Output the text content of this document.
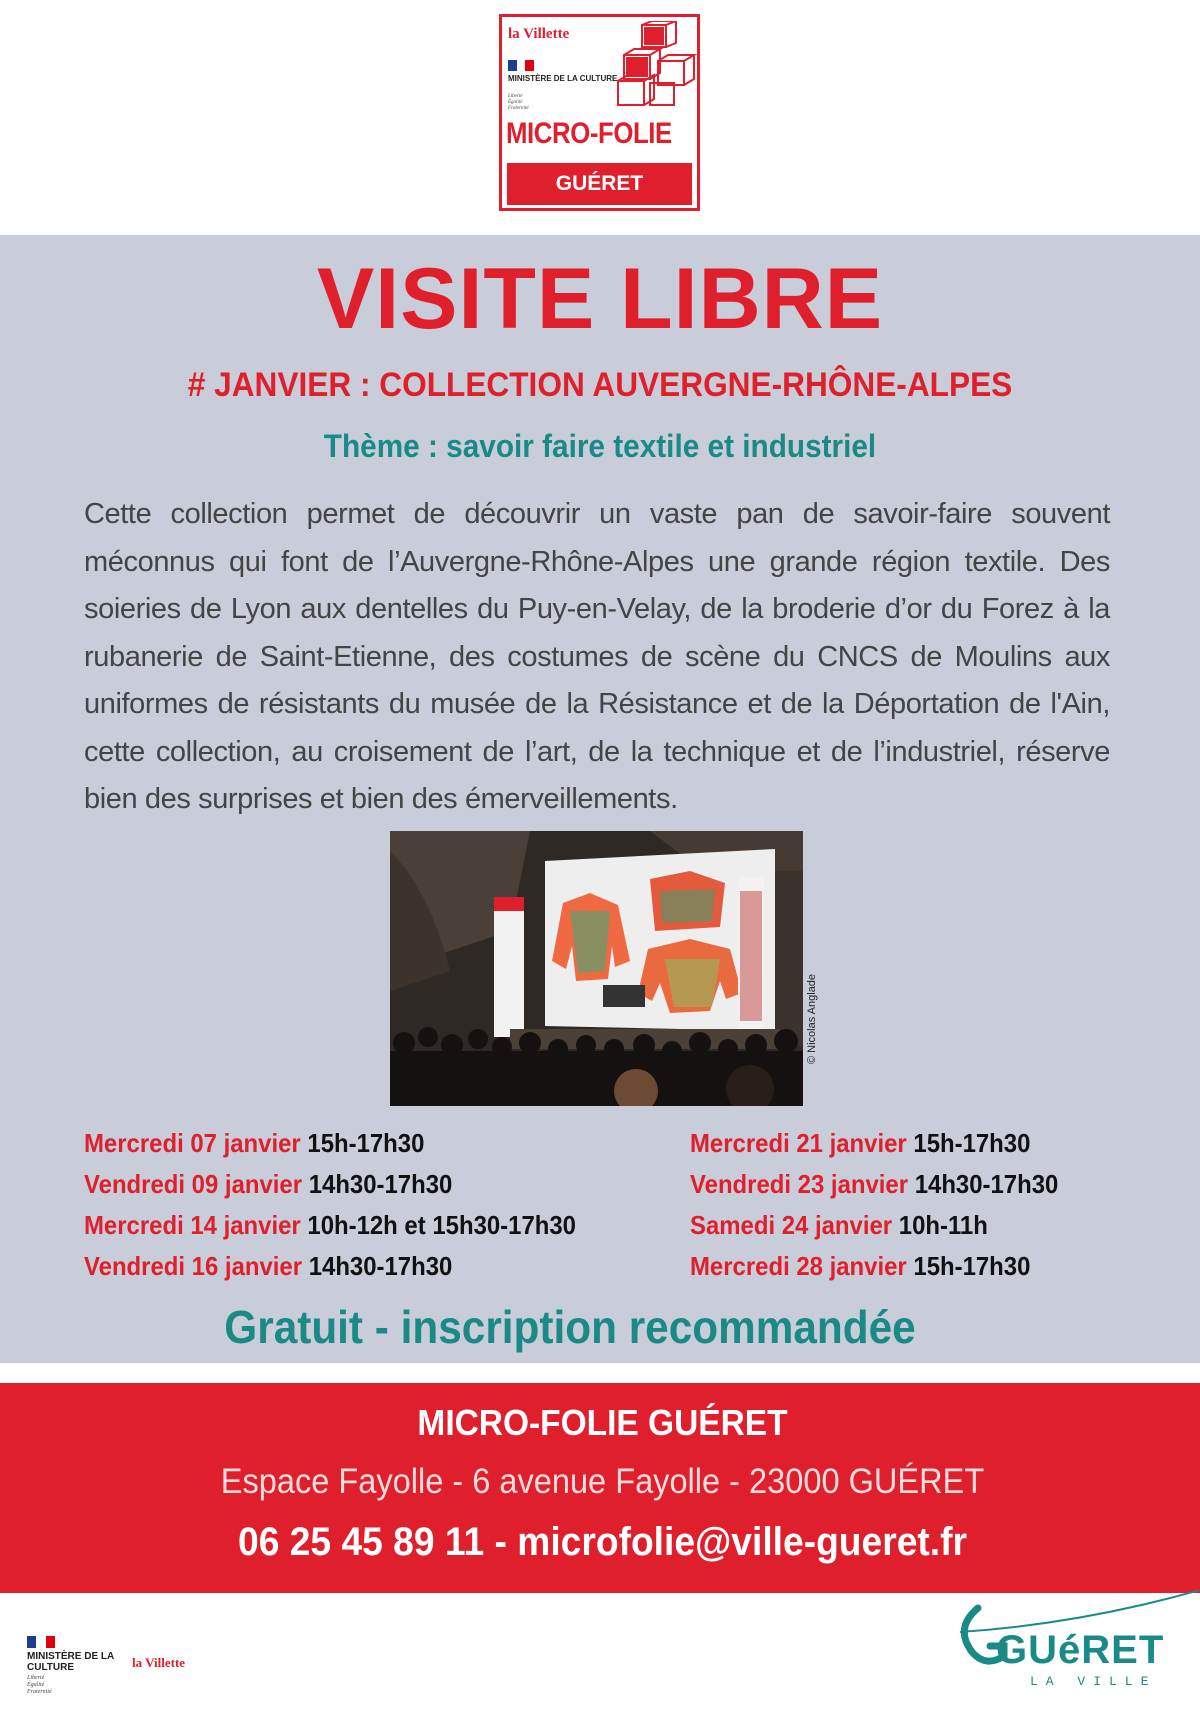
la Villette
MINISTÈRE DE LA CULTURE
Liberté
Égalité
Fraternité
MICRO-FOLIE
GUÉRET
VISITE LIBRE
# JANVIER : COLLECTION AUVERGNE-RHÔNE-ALPES
Thème : savoir faire textile et industriel

Cette collection permet de découvrir un vaste pan de savoir-faire souvent méconnus qui font de l’Auvergne-Rhône-Alpes une grande région textile. Des soieries de Lyon aux dentelles du Puy-en-Velay, de la broderie d’or du Forez à la rubanerie de Saint-Etienne, des costumes de scène du CNCS de Moulins aux uniformes de résistants du musée de la Résistance et de la Déportation de l'Ain, cette collection, au croisement de l’art, de la technique et de l’industriel, réserve bien des surprises et bien des émerveillements.

© Nicolas Anglade
Mercredi 07 janvier 15h-17h30
Vendredi 09 janvier 14h30-17h30
Mercredi 14 janvier 10h-12h et 15h30-17h30
Vendredi 16 janvier 14h30-17h30
Mercredi 21 janvier 15h-17h30
Vendredi 23 janvier 14h30-17h30
Samedi 24 janvier 10h-11h
Mercredi 28 janvier 15h-17h30
Gratuit - inscription recommandée
MICRO-FOLIE GUÉRET
Espace Fayolle - 6 avenue Fayolle - 23000 GUÉRET
06 25 45 89 11 - microfolie@ville-gueret.fr
MINISTÈRE DE LA CULTURE
Liberté
Égalité
Fraternité
la Villette	GUéRET
LA VILLE
